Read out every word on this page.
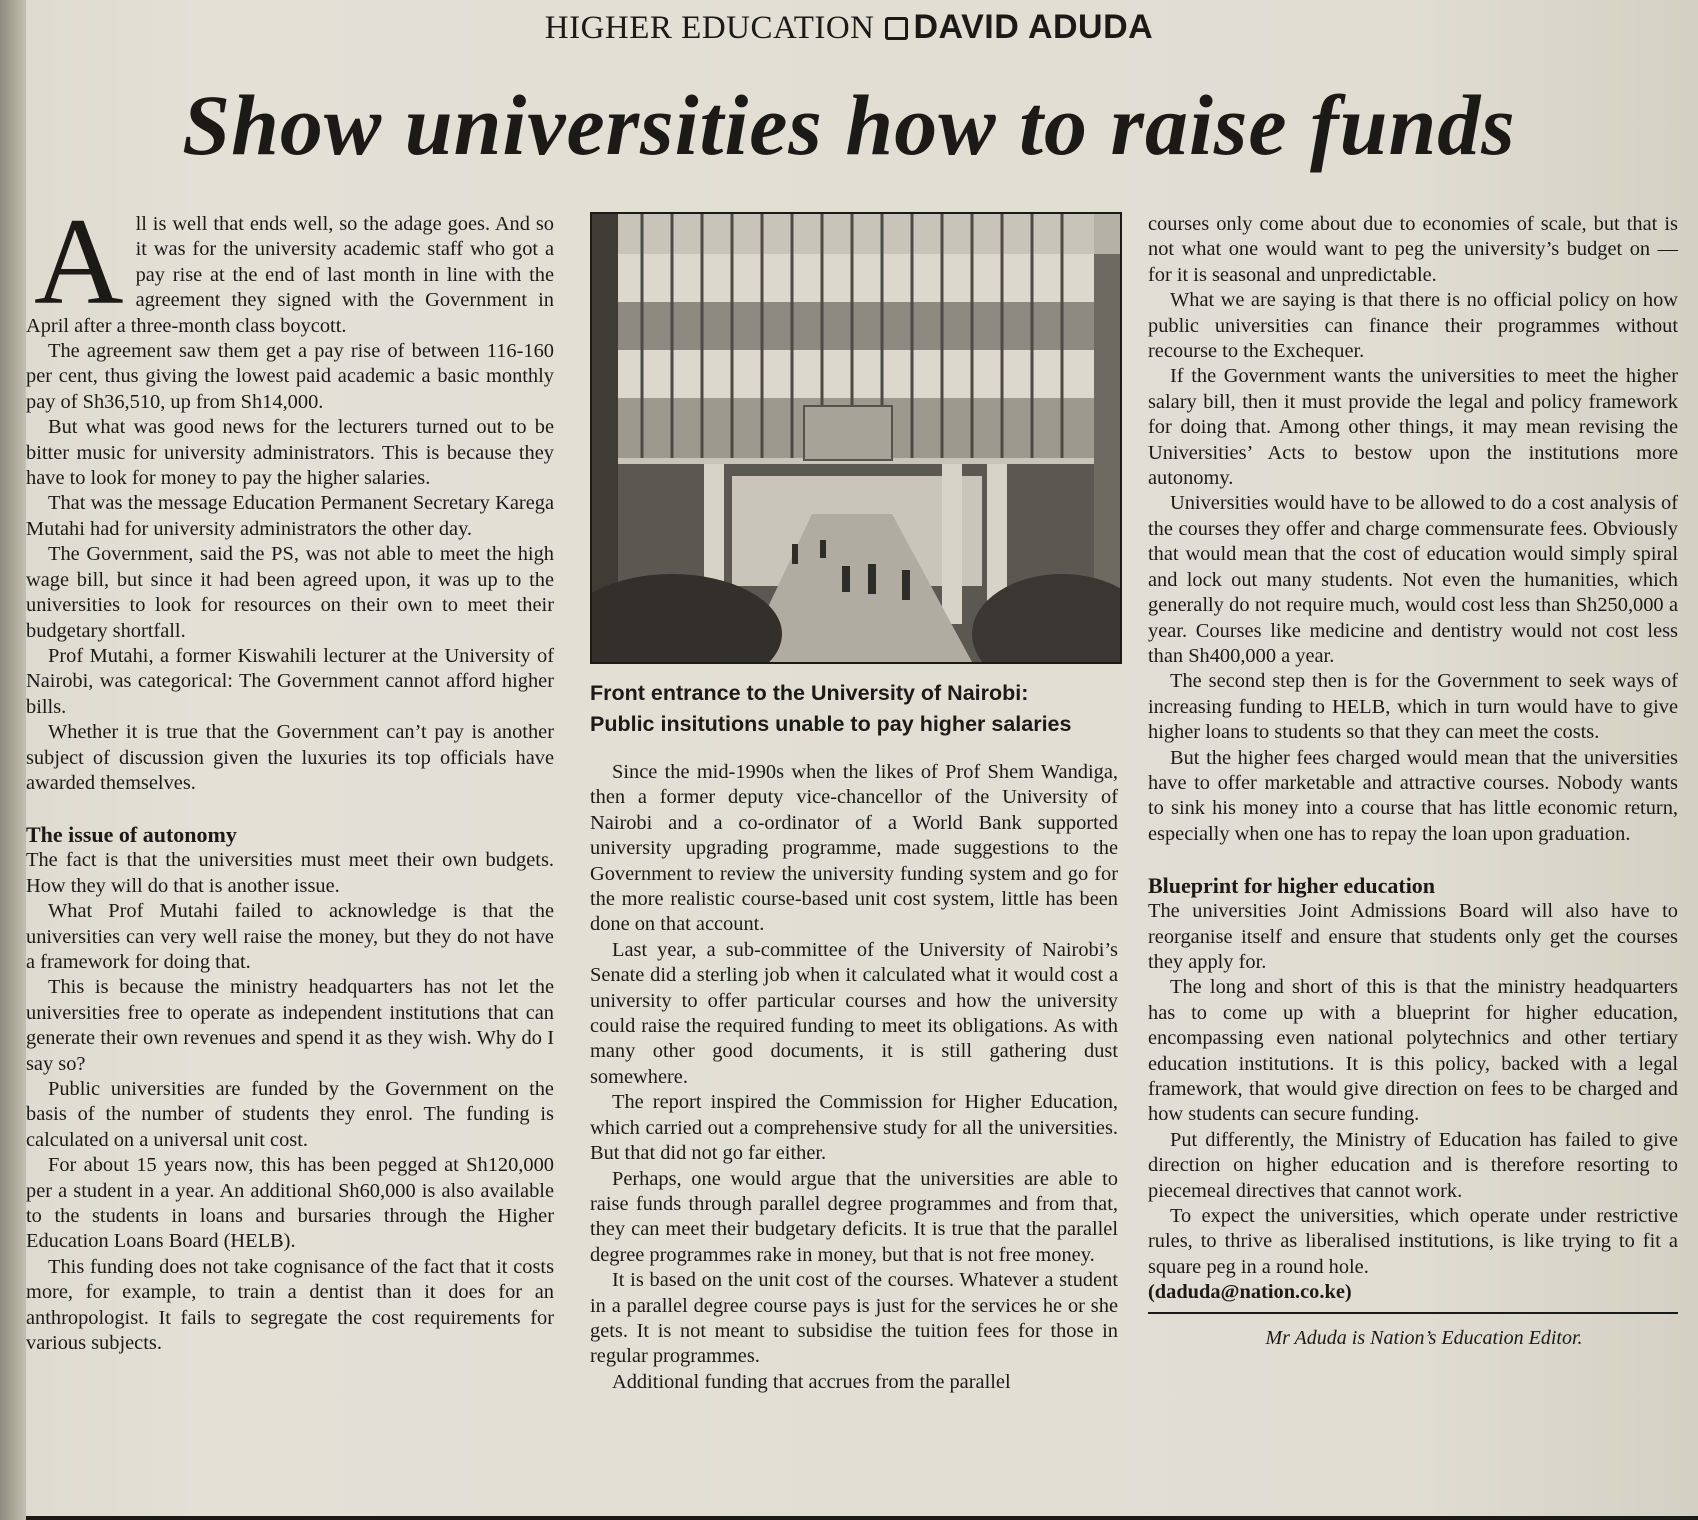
HIGHER EDUCATION DAVID ADUDA
Show universities how to raise funds

All is well that ends well, so the adage goes. And so it was for the university academic staff who got a pay rise at the end of last month in line with the agreement they signed with the Government in April after a three-month class boycott.

The agreement saw them get a pay rise of between 116-160 per cent, thus giving the lowest paid academic a basic monthly pay of Sh36,510, up from Sh14,000.

But what was good news for the lecturers turned out to be bitter music for university administrators. This is because they have to look for money to pay the higher salaries.

That was the message Education Permanent Secretary Karega Mutahi had for university administrators the other day.

The Government, said the PS, was not able to meet the high wage bill, but since it had been agreed upon, it was up to the universities to look for resources on their own to meet their budgetary shortfall.

Prof Mutahi, a former Kiswahili lecturer at the University of Nairobi, was categorical: The Government cannot afford higher bills.

Whether it is true that the Government can’t pay is another subject of discussion given the luxuries its top officials have awarded themselves.

The issue of autonomy

The fact is that the universities must meet their own budgets. How they will do that is another issue.

What Prof Mutahi failed to acknowledge is that the universities can very well raise the money, but they do not have a framework for doing that.

This is because the ministry headquarters has not let the universities free to operate as independent institutions that can generate their own revenues and spend it as they wish. Why do I say so?

Public universities are funded by the Government on the basis of the number of students they enrol. The funding is calculated on a universal unit cost.

For about 15 years now, this has been pegged at Sh120,000 per a student in a year. An additional Sh60,000 is also available to the students in loans and bursaries through the Higher Education Loans Board (HELB).

This funding does not take cognisance of the fact that it costs more, for example, to train a dentist than it does for an anthropologist. It fails to segregate the cost requirements for various subjects.

Front entrance to the University of Nairobi:
Public insitutions unable to pay higher salaries

Since the mid-1990s when the likes of Prof Shem Wandiga, then a former deputy vice-chancellor of the University of Nairobi and a co-ordinator of a World Bank supported university upgrading programme, made suggestions to the Government to review the university funding system and go for the more realistic course-based unit cost system, little has been done on that account.

Last year, a sub-committee of the University of Nairobi’s Senate did a sterling job when it calculated what it would cost a university to offer particular courses and how the university could raise the required funding to meet its obligations. As with many other good documents, it is still gathering dust somewhere.

The report inspired the Commission for Higher Education, which carried out a comprehensive study for all the universities. But that did not go far either.

Perhaps, one would argue that the universities are able to raise funds through parallel degree programmes and from that, they can meet their budgetary deficits. It is true that the parallel degree programmes rake in money, but that is not free money.

It is based on the unit cost of the courses. Whatever a student in a parallel degree course pays is just for the services he or she gets. It is not meant to subsidise the tuition fees for those in regular programmes.

Additional funding that accrues from the parallel

courses only come about due to economies of scale, but that is not what one would want to peg the university’s budget on — for it is seasonal and unpredictable.

What we are saying is that there is no official policy on how public universities can finance their programmes without recourse to the Exchequer.

If the Government wants the universities to meet the higher salary bill, then it must provide the legal and policy framework for doing that. Among other things, it may mean revising the Universities’ Acts to bestow upon the institutions more autonomy.

Universities would have to be allowed to do a cost analysis of the courses they offer and charge commensurate fees. Obviously that would mean that the cost of education would simply spiral and lock out many students. Not even the humanities, which generally do not require much, would cost less than Sh250,000 a year. Courses like medicine and dentistry would not cost less than Sh400,000 a year.

The second step then is for the Government to seek ways of increasing funding to HELB, which in turn would have to give higher loans to students so that they can meet the costs.

But the higher fees charged would mean that the universities have to offer marketable and attractive courses. Nobody wants to sink his money into a course that has little economic return, especially when one has to repay the loan upon graduation.

Blueprint for higher education

The universities Joint Admissions Board will also have to reorganise itself and ensure that students only get the courses they apply for.

The long and short of this is that the ministry headquarters has to come up with a blueprint for higher education, encompassing even national polytechnics and other tertiary education institutions. It is this policy, backed with a legal framework, that would give direction on fees to be charged and how students can secure funding.

Put differently, the Ministry of Education has failed to give direction on higher education and is therefore resorting to piecemeal directives that cannot work.

To expect the universities, which operate under restrictive rules, to thrive as liberalised institutions, is like trying to fit a square peg in a round hole.

(daduda@nation.co.ke)

Mr Aduda is Nation’s Education Editor.
